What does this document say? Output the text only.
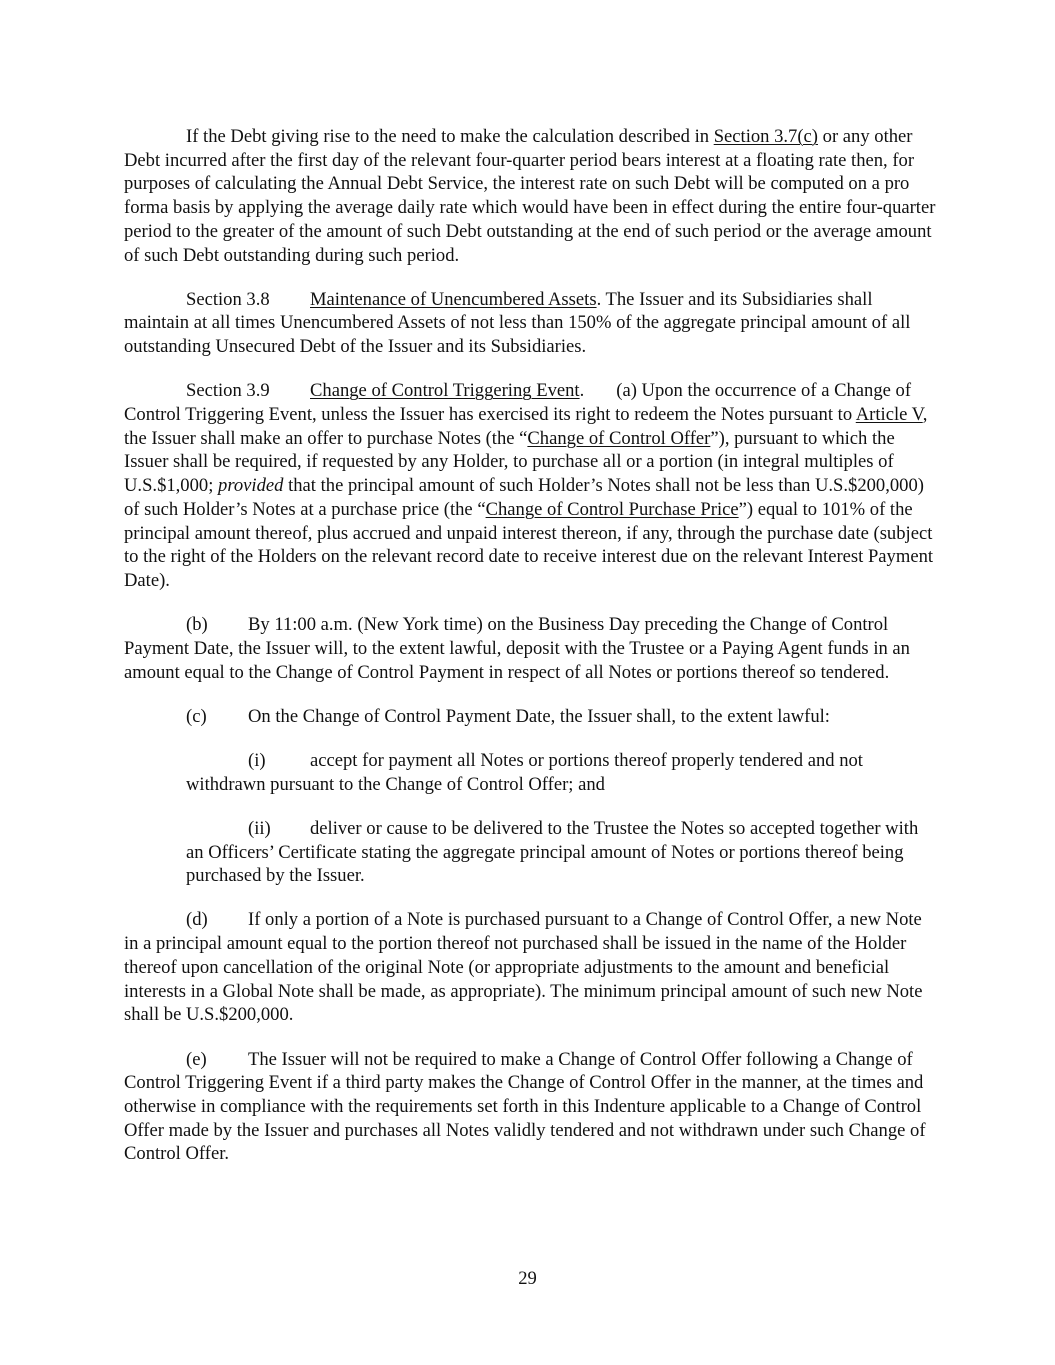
If the Debt giving rise to the need to make the calculation described in Section 3.7(c) or any other Debt incurred after the first day of the relevant four-quarter period bears interest at a floating rate then, for purposes of calculating the Annual Debt Service, the interest rate on such Debt will be computed on a pro forma basis by applying the average daily rate which would have been in effect during the entire four-quarter period to the greater of the amount of such Debt outstanding at the end of such period or the average amount of such Debt outstanding during such period.

Section 3.8 Maintenance of Unencumbered Assets. The Issuer and its Subsidiaries shall maintain at all times Unencumbered Assets of not less than 150% of the aggregate principal amount of all outstanding Unsecured Debt of the Issuer and its Subsidiaries.

Section 3.9 Change of Control Triggering Event. (a) Upon the occurrence of a Change of Control Triggering Event, unless the Issuer has exercised its right to redeem the Notes pursuant to Article V, the Issuer shall make an offer to purchase Notes (the “Change of Control Offer”), pursuant to which the Issuer shall be required, if requested by any Holder, to purchase all or a portion (in integral multiples of U.S.$1,000; provided that the principal amount of such Holder’s Notes shall not be less than U.S.$200,000) of such Holder’s Notes at a purchase price (the “Change of Control Purchase Price”) equal to 101% of the principal amount thereof, plus accrued and unpaid interest thereon, if any, through the purchase date (subject to the right of the Holders on the relevant record date to receive interest due on the relevant Interest Payment Date).

(b) By 11:00 a.m. (New York time) on the Business Day preceding the Change of Control Payment Date, the Issuer will, to the extent lawful, deposit with the Trustee or a Paying Agent funds in an amount equal to the Change of Control Payment in respect of all Notes or portions thereof so tendered.

(c) On the Change of Control Payment Date, the Issuer shall, to the extent lawful:

(i) accept for payment all Notes or portions thereof properly tendered and not withdrawn pursuant to the Change of Control Offer; and

(ii) deliver or cause to be delivered to the Trustee the Notes so accepted together with an Officers’ Certificate stating the aggregate principal amount of Notes or portions thereof being purchased by the Issuer.

(d) If only a portion of a Note is purchased pursuant to a Change of Control Offer, a new Note in a principal amount equal to the portion thereof not purchased shall be issued in the name of the Holder thereof upon cancellation of the original Note (or appropriate adjustments to the amount and beneficial interests in a Global Note shall be made, as appropriate). The minimum principal amount of such new Note shall be U.S.$200,000.

(e) The Issuer will not be required to make a Change of Control Offer following a Change of Control Triggering Event if a third party makes the Change of Control Offer in the manner, at the times and otherwise in compliance with the requirements set forth in this Indenture applicable to a Change of Control Offer made by the Issuer and purchases all Notes validly tendered and not withdrawn under such Change of Control Offer.

29
